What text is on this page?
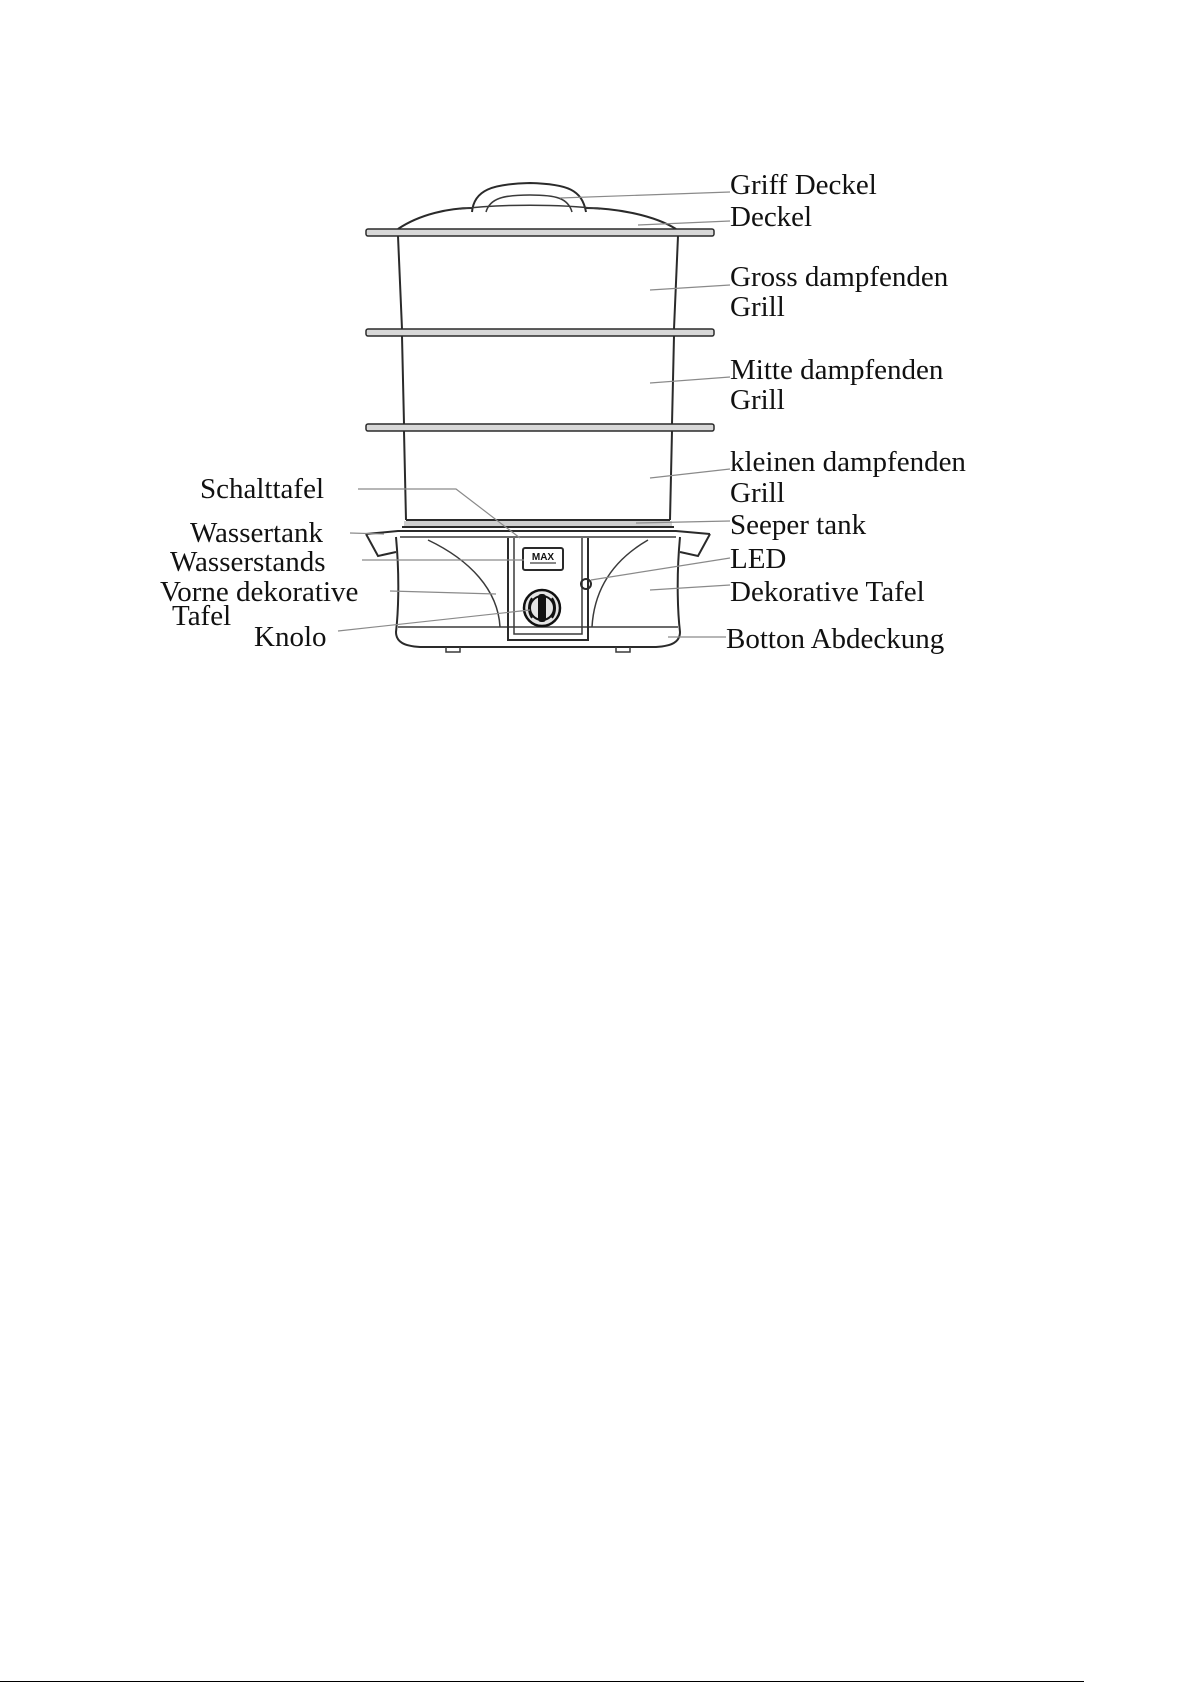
MAX
Griff Deckel
Deckel
Gross dampfenden
Grill
Mitte dampfenden
Grill
kleinen dampfenden
Grill
Seeper tank
LED
Dekorative Tafel
Botton Abdeckung
Schalttafel
Wassertank
Wasserstands
Vorne dekorative
Tafel
Knolo
